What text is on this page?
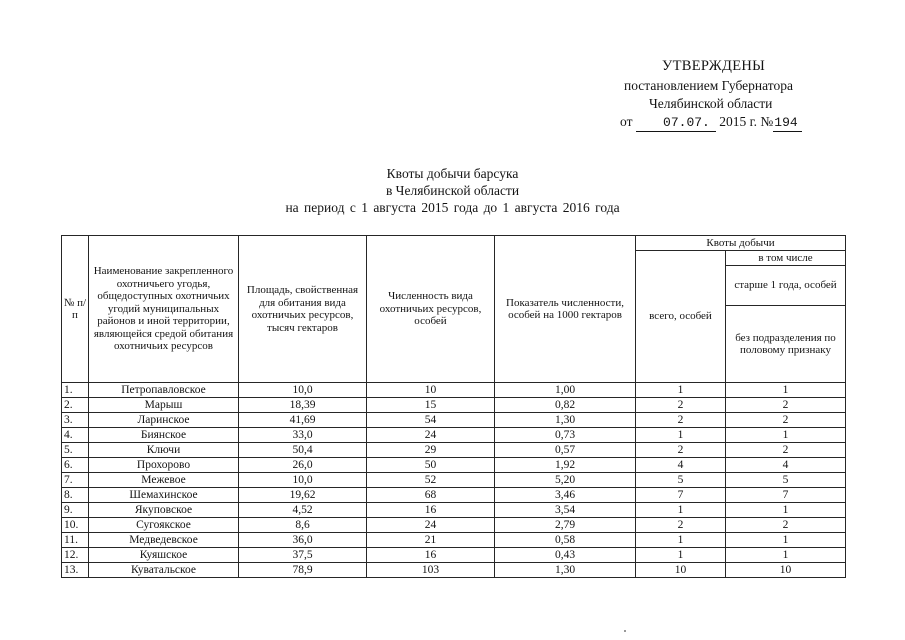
УТВЕРЖДЕНЫ
постановлением Губернатора
Челябинской области
от 07.07. 2015 г. №194
Квоты добычи барсука
в Челябинской области
на период с 1 августа 2015 года до 1 августа 2016 года
№ п/п	Наименование закрепленного охотничьего угодья, общедоступных охотничьих угодий муниципальных районов и иной территории, являющейся средой обитания охотничьих ресурсов	Площадь, свойственная для обитания вида охотничьих ресурсов, тысяч гектаров	Численность вида охотничьих ресурсов, особей	Показатель численности, особей на 1000 гектаров	Квоты добычи	
					всего, особей	в том числе
						старше 1 года, особей
						без подразделения по половому признаку
1.	Петропавловское	10,0	10	1,00	1	1
2.	Марыш	18,39	15	0,82	2	2
3.	Ларинское	41,69	54	1,30	2	2
4.	Биянское	33,0	24	0,73	1	1
5.	Ключи	50,4	29	0,57	2	2
6.	Прохорово	26,0	50	1,92	4	4
7.	Межевое	10,0	52	5,20	5	5
8.	Шемахинское	19,62	68	3,46	7	7
9.	Якуповское	4,52	16	3,54	1	1
10.	Сугоякское	8,6	24	2,79	2	2
11.	Медведевское	36,0	21	0,58	1	1
12.	Куяшское	37,5	16	0,43	1	1
13.	Куватальское	78,9	103	1,30	10	10
